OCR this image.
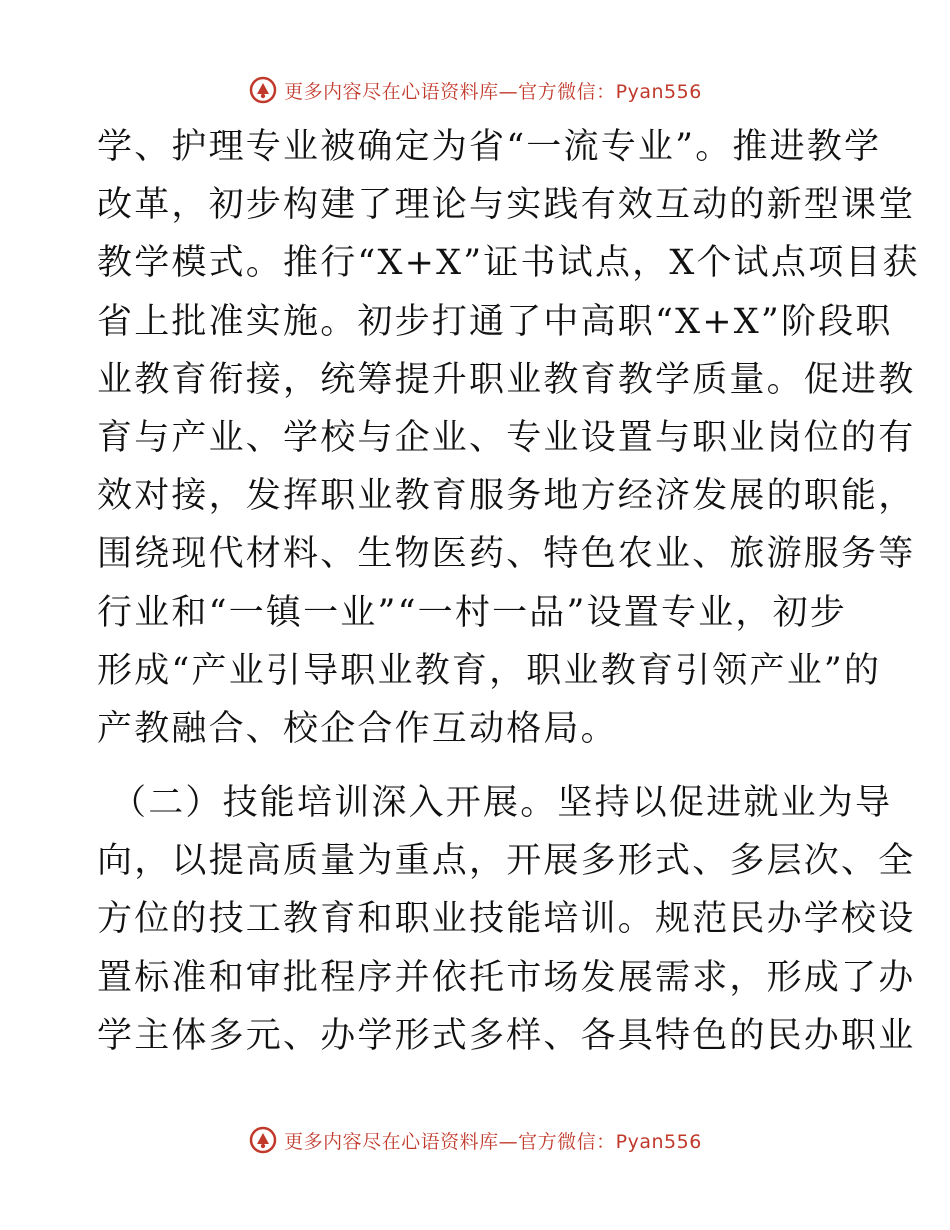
更多内容尽在心语资料库—官方微信：Pyan556
学、护理专业被确定为省“一流专业”。推进教学
改革，初步构建了理论与实践有效互动的新型课堂
教学模式。推行“X+X”证书试点，X个试点项目获
省上批准实施。初步打通了中高职“X+X”阶段职
业教育衔接，统筹提升职业教育教学质量。促进教
育与产业、学校与企业、专业设置与职业岗位的有
效对接，发挥职业教育服务地方经济发展的职能，
围绕现代材料、生物医药、特色农业、旅游服务等
行业和“一镇一业”“一村一品”设置专业，初步
形成“产业引导职业教育，职业教育引领产业”的
产教融合、校企合作互动格局。
（二）技能培训深入开展。坚持以促进就业为导
向，以提高质量为重点，开展多形式、多层次、全
方位的技工教育和职业技能培训。规范民办学校设
置标准和审批程序并依托市场发展需求，形成了办
学主体多元、办学形式多样、各具特色的民办职业
更多内容尽在心语资料库—官方微信：Pyan556
